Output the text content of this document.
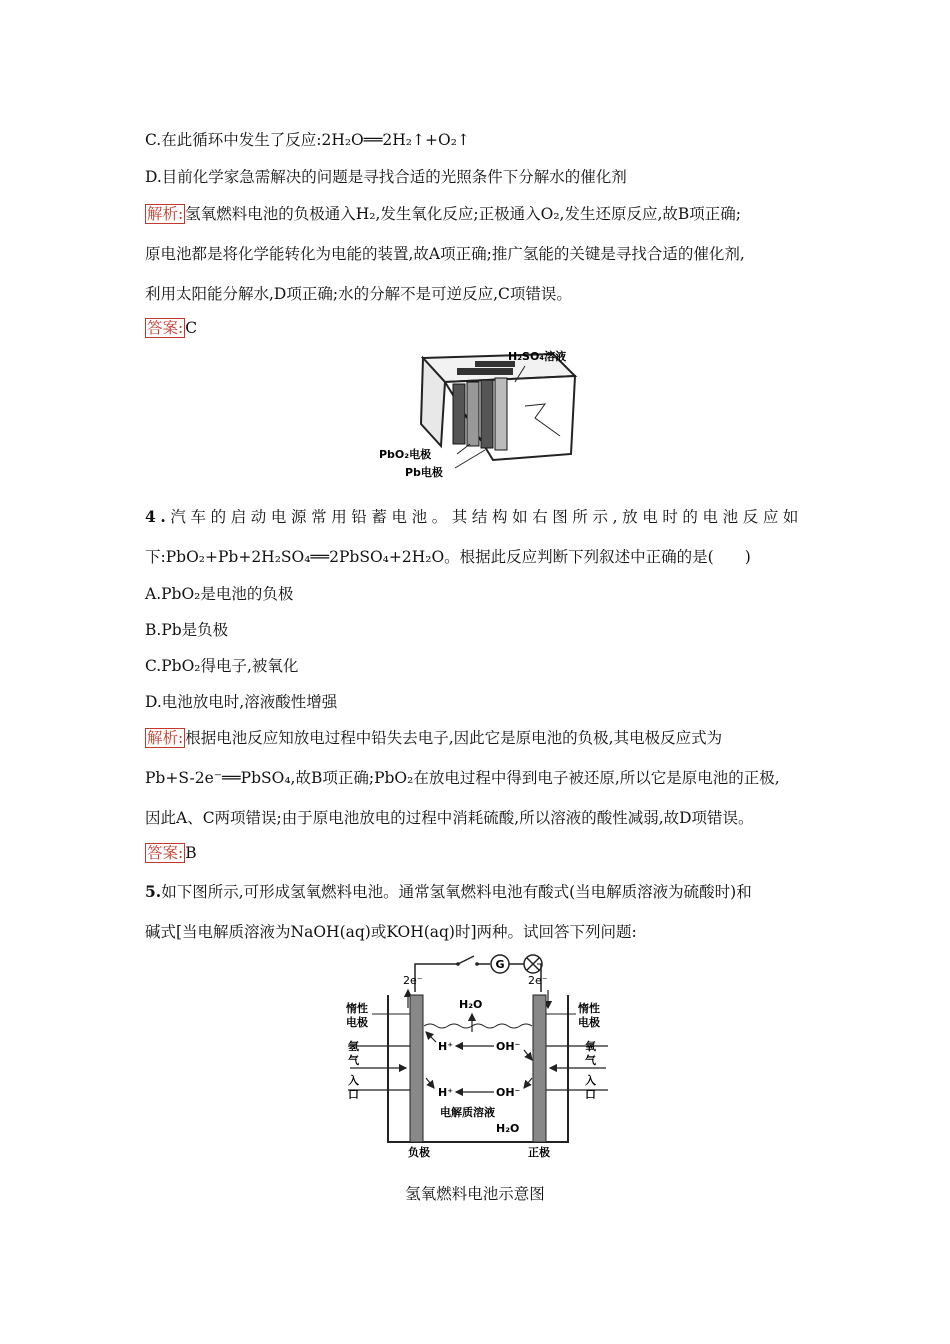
C.在此循环中发生了反应:2H₂O══2H₂↑+O₂↑
D.目前化学家急需解决的问题是寻找合适的光照条件下分解水的催化剂
解析: 氢氧燃料电池的负极通入H₂,发生氧化反应;正极通入O₂,发生还原反应,故B项正确;
原电池都是将化学能转化为电能的装置,故A项正确;推广氢能的关键是寻找合适的催化剂,
利用太阳能分解水,D项正确;水的分解不是可逆反应,C项错误。
答案: C
H₂SO₄溶液
PbO₂电极
Pb电极
4.汽车的启动电源常用铅蓄电池。其结构如右图所示,放电时的电池反应如
下:PbO₂+Pb+2H₂SO₄══2PbSO₄+2H₂O。根据此反应判断下列叙述中正确的是(　　)
A.PbO₂是电池的负极
B.Pb是负极
C.PbO₂得电子,被氧化
D.电池放电时,溶液酸性增强
解析: 根据电池反应知放电过程中铅失去电子,因此它是原电池的负极,其电极反应式为
Pb+S-2e⁻══PbSO₄,故B项正确;PbO₂在放电过程中得到电子被还原,所以它是原电池的正极,
因此A、C两项错误;由于原电池放电的过程中消耗硫酸,所以溶液的酸性减弱,故D项错误。
答案: B
5.如下图所示,可形成氢氧燃料电池。通常氢氧燃料电池有酸式(当电解质溶液为硫酸时)和
碱式[当电解质溶液为NaOH(aq)或KOH(aq)时]两种。试回答下列问题:
G
2e⁻	2e⁻
H₂O
H⁺	OH⁻
H⁺	OH⁻
电解质溶液
H₂O
惰性
电极
惰性
电极
氢
气
入
口
氧
气
入
口
负极	正极
氢氧燃料电池示意图
